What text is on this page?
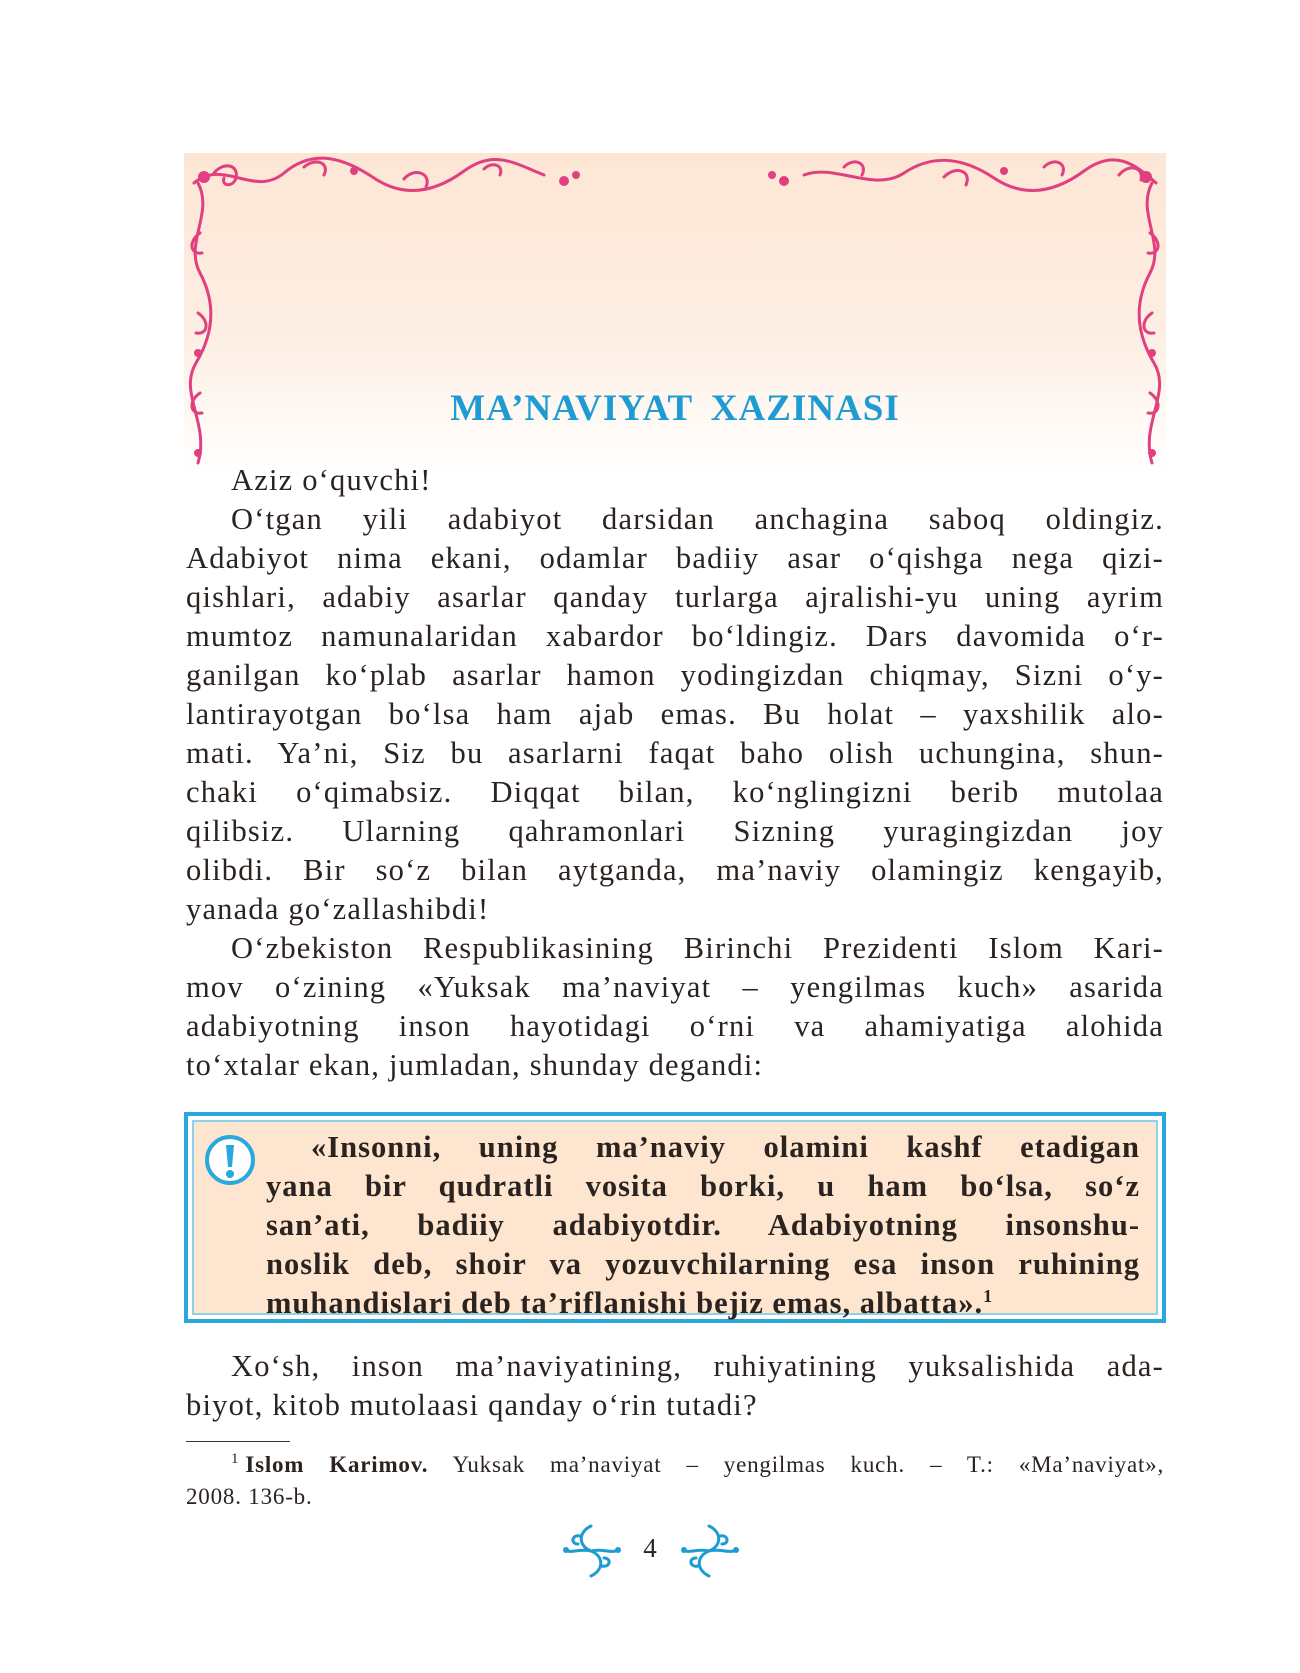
MA’NAVIYAT XAZINASI

Aziz o‘quvchi!

O‘tgan yili adabiyot darsidan anchagina saboq oldingiz.

Adabiyot nima ekani, odamlar badiiy asar o‘qishga nega qizi-

qishlari, adabiy asarlar qanday turlarga ajralishi-yu uning ayrim

mumtoz namunalaridan xabardor bo‘ldingiz. Dars davomida o‘r-

ganilgan ko‘plab asarlar hamon yodingizdan chiqmay, Sizni o‘y-

lantirayotgan bo‘lsa ham ajab emas. Bu holat – yaxshilik alo-

mati. Ya’ni, Siz bu asarlarni faqat baho olish uchungina, shun-

chaki o‘qimabsiz. Diqqat bilan, ko‘nglingizni berib mutolaa

qilibsiz. Ularning qahramonlari Sizning yuragingizdan joy

olibdi. Bir so‘z bilan aytganda, ma’naviy olamingiz kengayib,

yanada go‘zallashibdi!

O‘zbekiston Respublikasining Birinchi Prezidenti Islom Kari-

mov o‘zining «Yuksak ma’naviyat – yengilmas kuch» asarida

adabiyotning inson hayotidagi o‘rni va ahamiyatiga alohida

to‘xtalar ekan, jumladan, shunday degandi:

«Insonni, uning ma’naviy olamini kashf etadigan

yana bir qudratli vosita borki, u ham bo‘lsa, so‘z

san’ati, badiiy adabiyotdir. Adabiyotning insonshu-

noslik deb, shoir va yozuvchilarning esa inson ruhining

muhandislari deb ta’riflanishi bejiz emas, albatta».$^1$

Xo‘sh, inson ma’naviyatining, ruhiyatining yuksalishida ada-

biyot, kitob mutolaasi qanday o‘rin tutadi?

$^1$ Islom Karimov. Yuksak ma’naviyat – yengilmas kuch. – T.: «Ma’naviyat»,

2008. 136-b.

4
